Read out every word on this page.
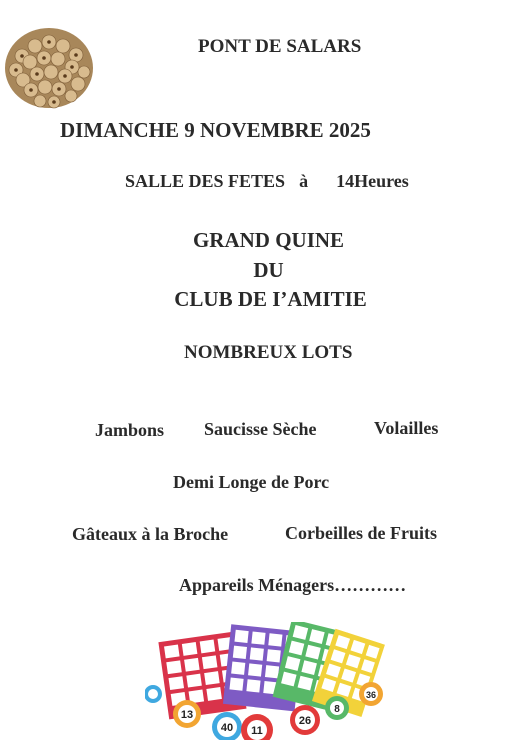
PONT DE SALARS
DIMANCHE 9 NOVEMBRE 2025
SALLE DES FETES à 14Heures
GRAND QUINE
DU
CLUB DE I’AMITIE
NOMBREUX LOTS
Jambons Saucisse Sèche	Volailles
Demi Longe de Porc
Gâteaux à la Broche	Corbeilles de Fruits
Appareils Ménagers…………
13
40 11
26
8
36
